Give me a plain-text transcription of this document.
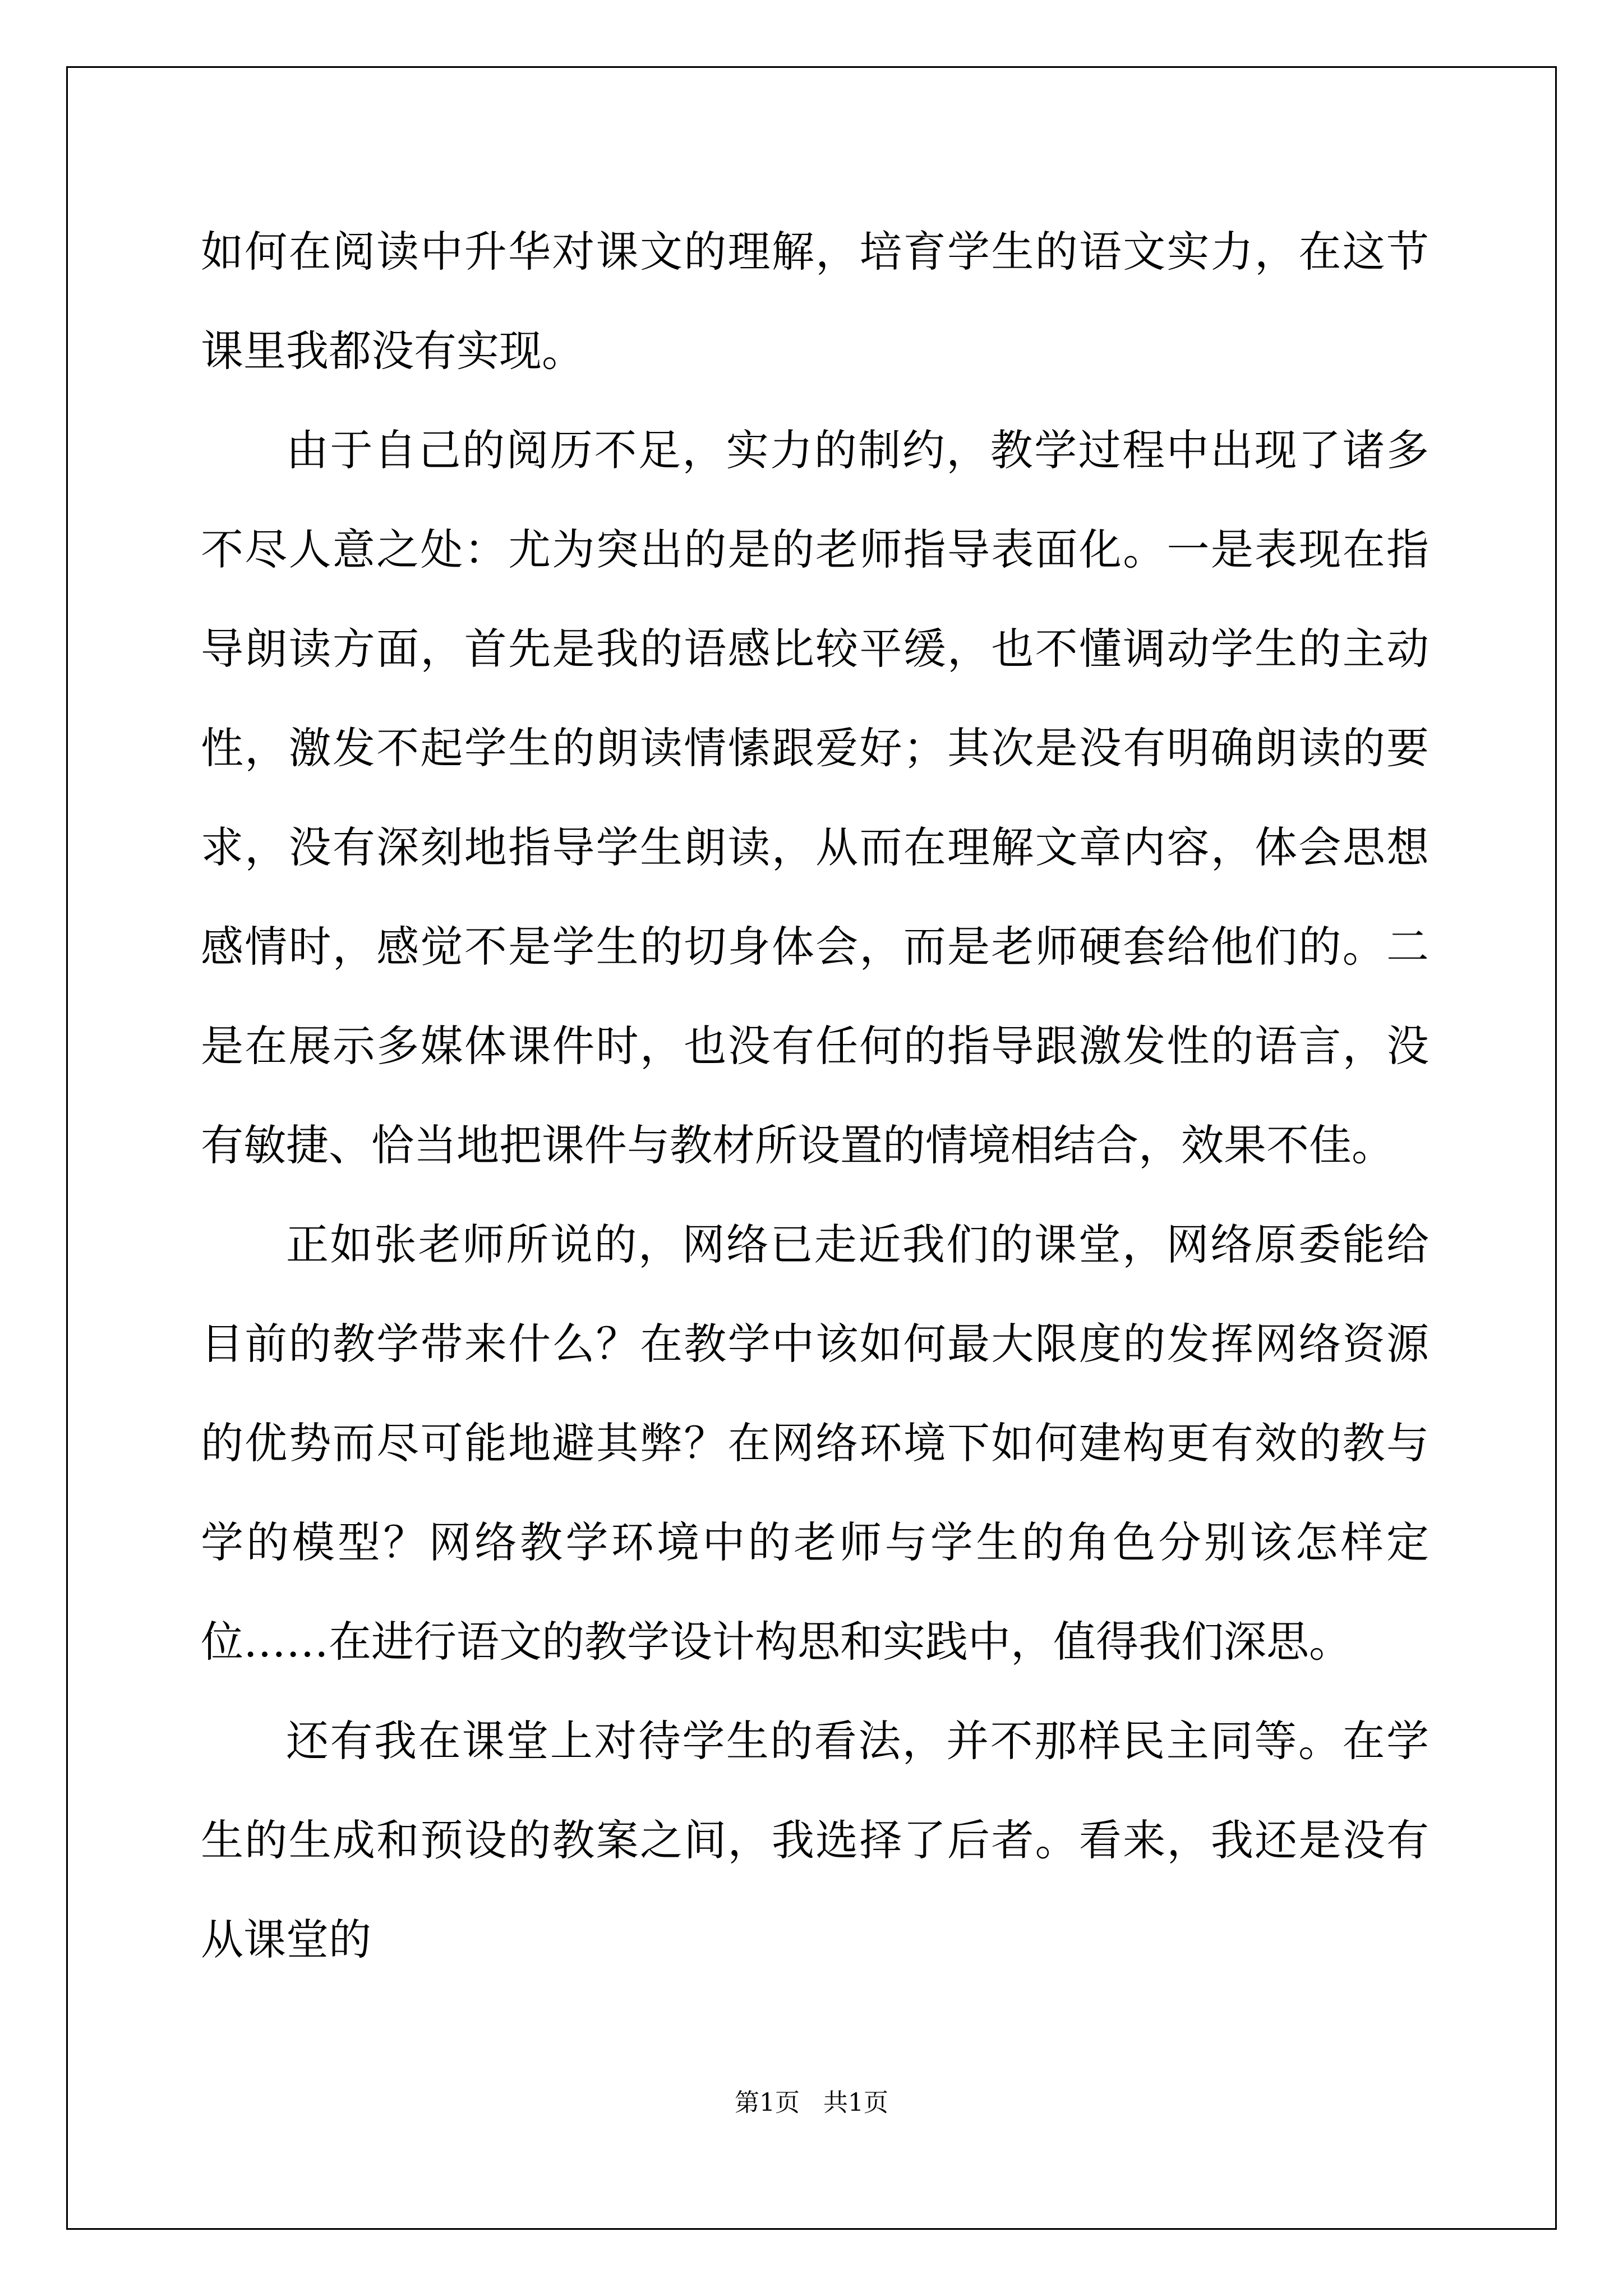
如何在阅读中升华对课文的理解，培育学生的语文实力，在这节课里我都没有实现。

由于自己的阅历不足，实力的制约，教学过程中出现了诸多不尽人意之处：尤为突出的是的老师指导表面化。一是表现在指导朗读方面，首先是我的语感比较平缓，也不懂调动学生的主动性，激发不起学生的朗读情愫跟爱好；其次是没有明确朗读的要求，没有深刻地指导学生朗读，从而在理解文章内容，体会思想感情时，感觉不是学生的切身体会，而是老师硬套给他们的。二是在展示多媒体课件时，也没有任何的指导跟激发性的语言，没有敏捷、恰当地把课件与教材所设置的情境相结合，效果不佳。

正如张老师所说的，网络已走近我们的课堂，网络原委能给目前的教学带来什么？在教学中该如何最大限度的发挥网络资源的优势而尽可能地避其弊？在网络环境下如何建构更有效的教与学的模型？网络教学环境中的老师与学生的角色分别该怎样定位……在进行语文的教学设计构思和实践中，值得我们深思。

还有我在课堂上对待学生的看法，并不那样民主同等。在学生的生成和预设的教案之间，我选择了后者。看来，我还是没有从课堂的

第1页   共1页
